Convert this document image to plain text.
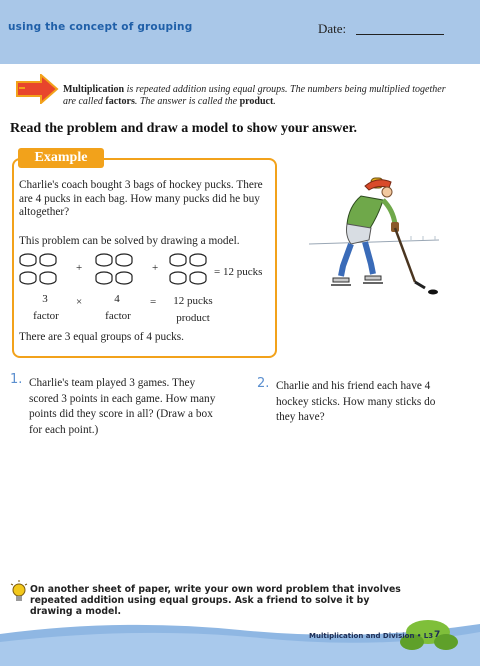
using the concept of grouping	Date:
Multiplication is repeated addition using equal groups. The numbers being multiplied together are called factors. The answer is called the product.
Read the problem and draw a model to show your answer.
Example
Charlie's coach bought 3 bags of hockey pucks. There are 4 pucks in each bag. How many pucks did he buy altogether?
This problem can be solved by drawing a model.
+	+	= 12 pucks
3	×	4	=	12 pucks
factor	factor	product
There are 3 equal groups of 4 pucks.
1. Charlie's team played 3 games. They scored 3 points in each game. How many points did they score in all? (Draw a box for each point.)
2. Charlie and his friend each have 4 hockey sticks. How many sticks do they have?
On another sheet of paper, write your own word problem that involves repeated addition using equal groups. Ask a friend to solve it by drawing a model.
Multiplication and Division • L3 7
